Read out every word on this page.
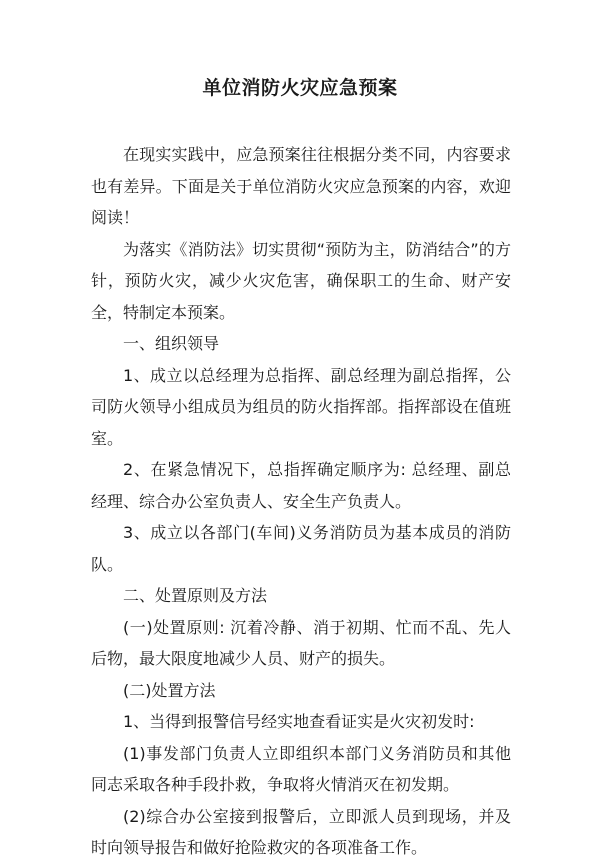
单位消防火灾应急预案

在现实实践中，应急预案往往根据分类不同，内容要求也有差异。下面是关于单位消防火灾应急预案的内容，欢迎阅读！

为落实《消防法》切实贯彻“预防为主，防消结合”的方针，预防火灾，减少火灾危害，确保职工的生命、财产安全，特制定本预案。

一、组织领导

1、成立以总经理为总指挥、副总经理为副总指挥，公司防火领导小组成员为组员的防火指挥部。指挥部设在值班室。

2、在紧急情况下，总指挥确定顺序为: 总经理、副总经理、综合办公室负责人、安全生产负责人。

3、成立以各部门(车间)义务消防员为基本成员的消防队。

二、处置原则及方法

(一)处置原则: 沉着冷静、消于初期、忙而不乱、先人后物，最大限度地减少人员、财产的损失。

(二)处置方法

1、当得到报警信号经实地查看证实是火灾初发时:

(1)事发部门负责人立即组织本部门义务消防员和其他同志采取各种手段扑救，争取将火情消灭在初发期。

(2)综合办公室接到报警后，立即派人员到现场，并及时向领导报告和做好抢险救灾的各项准备工作。
